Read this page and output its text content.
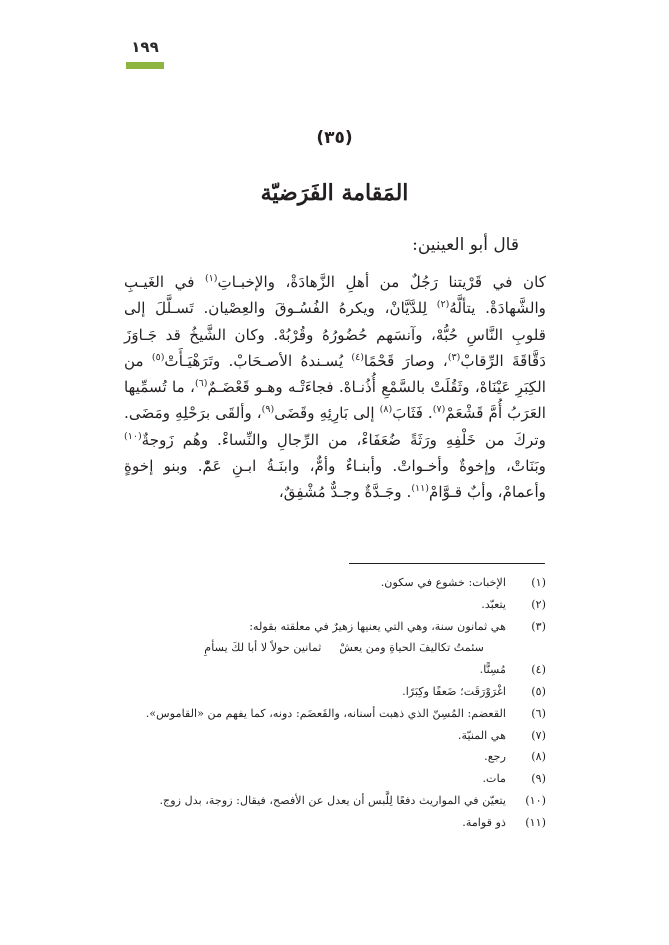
١٩٩
(٣٥)
المَقامة الفَرَضيّة
قال أبو العينين:

كان في قَرْيتنا رَجُلٌ من أهلِ الزَّهادَةْ، والإخبـاتِ$^{(١)}$ في الغَيـبِ والشَّهادَةْ. يتألَّهُ$^{(٢)}$ لِلدَّيَّانْ، ويكرهُ الفُسُـوقَ والعِصْيان. تَسـلَّلَ إلى قلوبِ النَّاسِ حُبُّهْ، وآنسَهم حُضُورُهُ وقُرْبُهْ. وكان الشَّيخُ قد جَـاوَزَ دَقَّاقَةَ الرِّقابْ$^{(٣)}$، وصارَ قَحْمًا$^{(٤)}$ يُسـندهُ الأصـحَابْ. وتَرَهْيَـأَتْ$^{(٥)}$ من الكِبَرِ عَيْنَاهْ، وثَقُلَتْ بالسَّمْعِ أُذُنـاهْ. فجاءَتْـه وهـو قَعْضَـمٌ$^{(٦)}$، ما تُسمِّيها العَرَبُ أُمَّ قَشْعَمْ$^{(٧)}$. فَثَابَ$^{(٨)}$ إلى بَارِئِهِ وقَضَى$^{(٩)}$، وألقَى برَحْلِهِ ومَضَى. وتركَ من خَلْفِهِ ورَثَةً ضُعَفَاءْ، من الرِّجالِ والنِّساءْ. وهُم زَوجةٌ$^{(١٠)}$ وبَنَاتْ، وإخوةٌ وأخـواتْ. وأبنـاءٌ وأمٌّ، وابنَـةُ ابـنِ عَمّْ. وبنو إخوةٍ وأعمامْ، وأبٌ قـوَّامْ$^{(١١)}$. وجَـدَّةٌ وجـدٌّ مُشْفِقٌ،

(١)
الإخبات: خشوع في سكون.
(٢)
يتعبّد.
(٣)
هي ثمانون سنة، وهي التي يعنيها زهيرٌ في معلقته بقوله:
سئمتُ تكاليفَ الحياةِ ومن يعشْ
ثمانين حولاً لا أبا لكَ يسأمِ
(٤)
مُسِنًّا.
(٥)
اغْرَوْرَقَت؛ ضَعفًا وكِبَرًا.
(٦)
القعضم: المُسِنّ الذي ذهبت أسنانه، والقَعضَم: دونه، كما يفهم من «القاموس».
(٧)
هي المنيّة.
(٨)
رجع.
(٩)
مات.
(١٠)
يتعيّن في المواريث دفعًا لِلَّبس أن يعدل عن الأفصح، فيقال: زوجة، بدل زوج.
(١١)
ذو قوامة.
